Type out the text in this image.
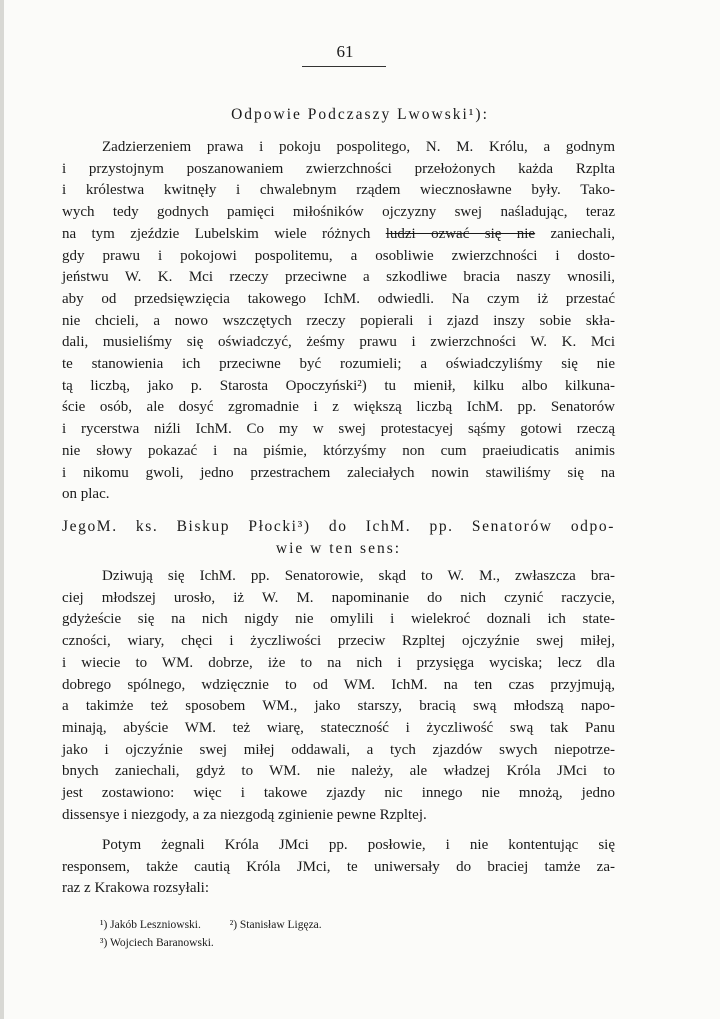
61
Odpowie Podczaszy Lwowski¹):
Zadzierzeniem prawa i pokoju pospolitego, N. M. Królu, a godnym
i przystojnym poszanowaniem zwierzchności przełożonych każda Rzplta
i królestwa kwitnęły i chwalebnym rządem wiecznosławne były. Tako-
wych tedy godnych pamięci miłośników ojczyzny swej naśladując, teraz
na tym zjeździe Lubelskim wiele różnych ludzi ozwać się nie zaniechali,
gdy prawu i pokojowi pospolitemu, a osobliwie zwierzchności i dosto-
jeństwu W. K. Mci rzeczy przeciwne a szkodliwe bracia naszy wnosili,
aby od przedsięwzięcia takowego IchM. odwiedli. Na czym iż przestać
nie chcieli, a nowo wszczętych rzeczy popierali i zjazd inszy sobie skła-
dali, musieliśmy się oświadczyć, żeśmy prawu i zwierzchności W. K. Mci
te stanowienia ich przeciwne być rozumieli; a oświadczyliśmy się nie
tą liczbą, jako p. Starosta Opoczyński²) tu mienił, kilku albo kilkuna-
ście osób, ale dosyć zgromadnie i z większą liczbą IchM. pp. Senatorów
i rycerstwa niźli IchM. Co my w swej protestacyej sąśmy gotowi rzeczą
nie słowy pokazać i na piśmie, którzyśmy non cum praeiudicatis animis
i nikomu gwoli, jedno przestrachem zaleciałych nowin stawiliśmy się na
on plac.
JegoM. ks. Biskup Płocki³) do IchM. pp. Senatorów odpo-
wie w ten sens:
Dziwują się IchM. pp. Senatorowie, skąd to W. M., zwłaszcza bra-
ciej młodszej urosło, iż W. M. napominanie do nich czynić raczycie,
gdyżeście się na nich nigdy nie omylili i wielekroć doznali ich state-
czności, wiary, chęci i życzliwości przeciw Rzpltej ojczyźnie swej miłej,
i wiecie to WM. dobrze, iże to na nich i przysięga wyciska; lecz dla
dobrego spólnego, wdzięcznie to od WM. IchM. na ten czas przyjmują,
a takimże też sposobem WM., jako starszy, bracią swą młodszą napo-
minają, abyście WM. też wiarę, stateczność i życzliwość swą tak Panu
jako i ojczyźnie swej miłej oddawali, a tych zjazdów swych niepotrze-
bnych zaniechali, gdyż to WM. nie należy, ale władzej Króla JMci to
jest zostawiono: więc i takowe zjazdy nic innego nie mnożą, jedno
dissensye i niezgody, a za niezgodą zginienie pewne Rzpltej.
Potym żegnali Króla JMci pp. posłowie, i nie kontentując się
responsem, także cautią Króla JMci, te uniwersały do braciej tamże za-
raz z Krakowa rozsyłali:
¹) Jakób Leszniowski.	²) Stanisław Ligęza.
³) Wojciech Baranowski.
